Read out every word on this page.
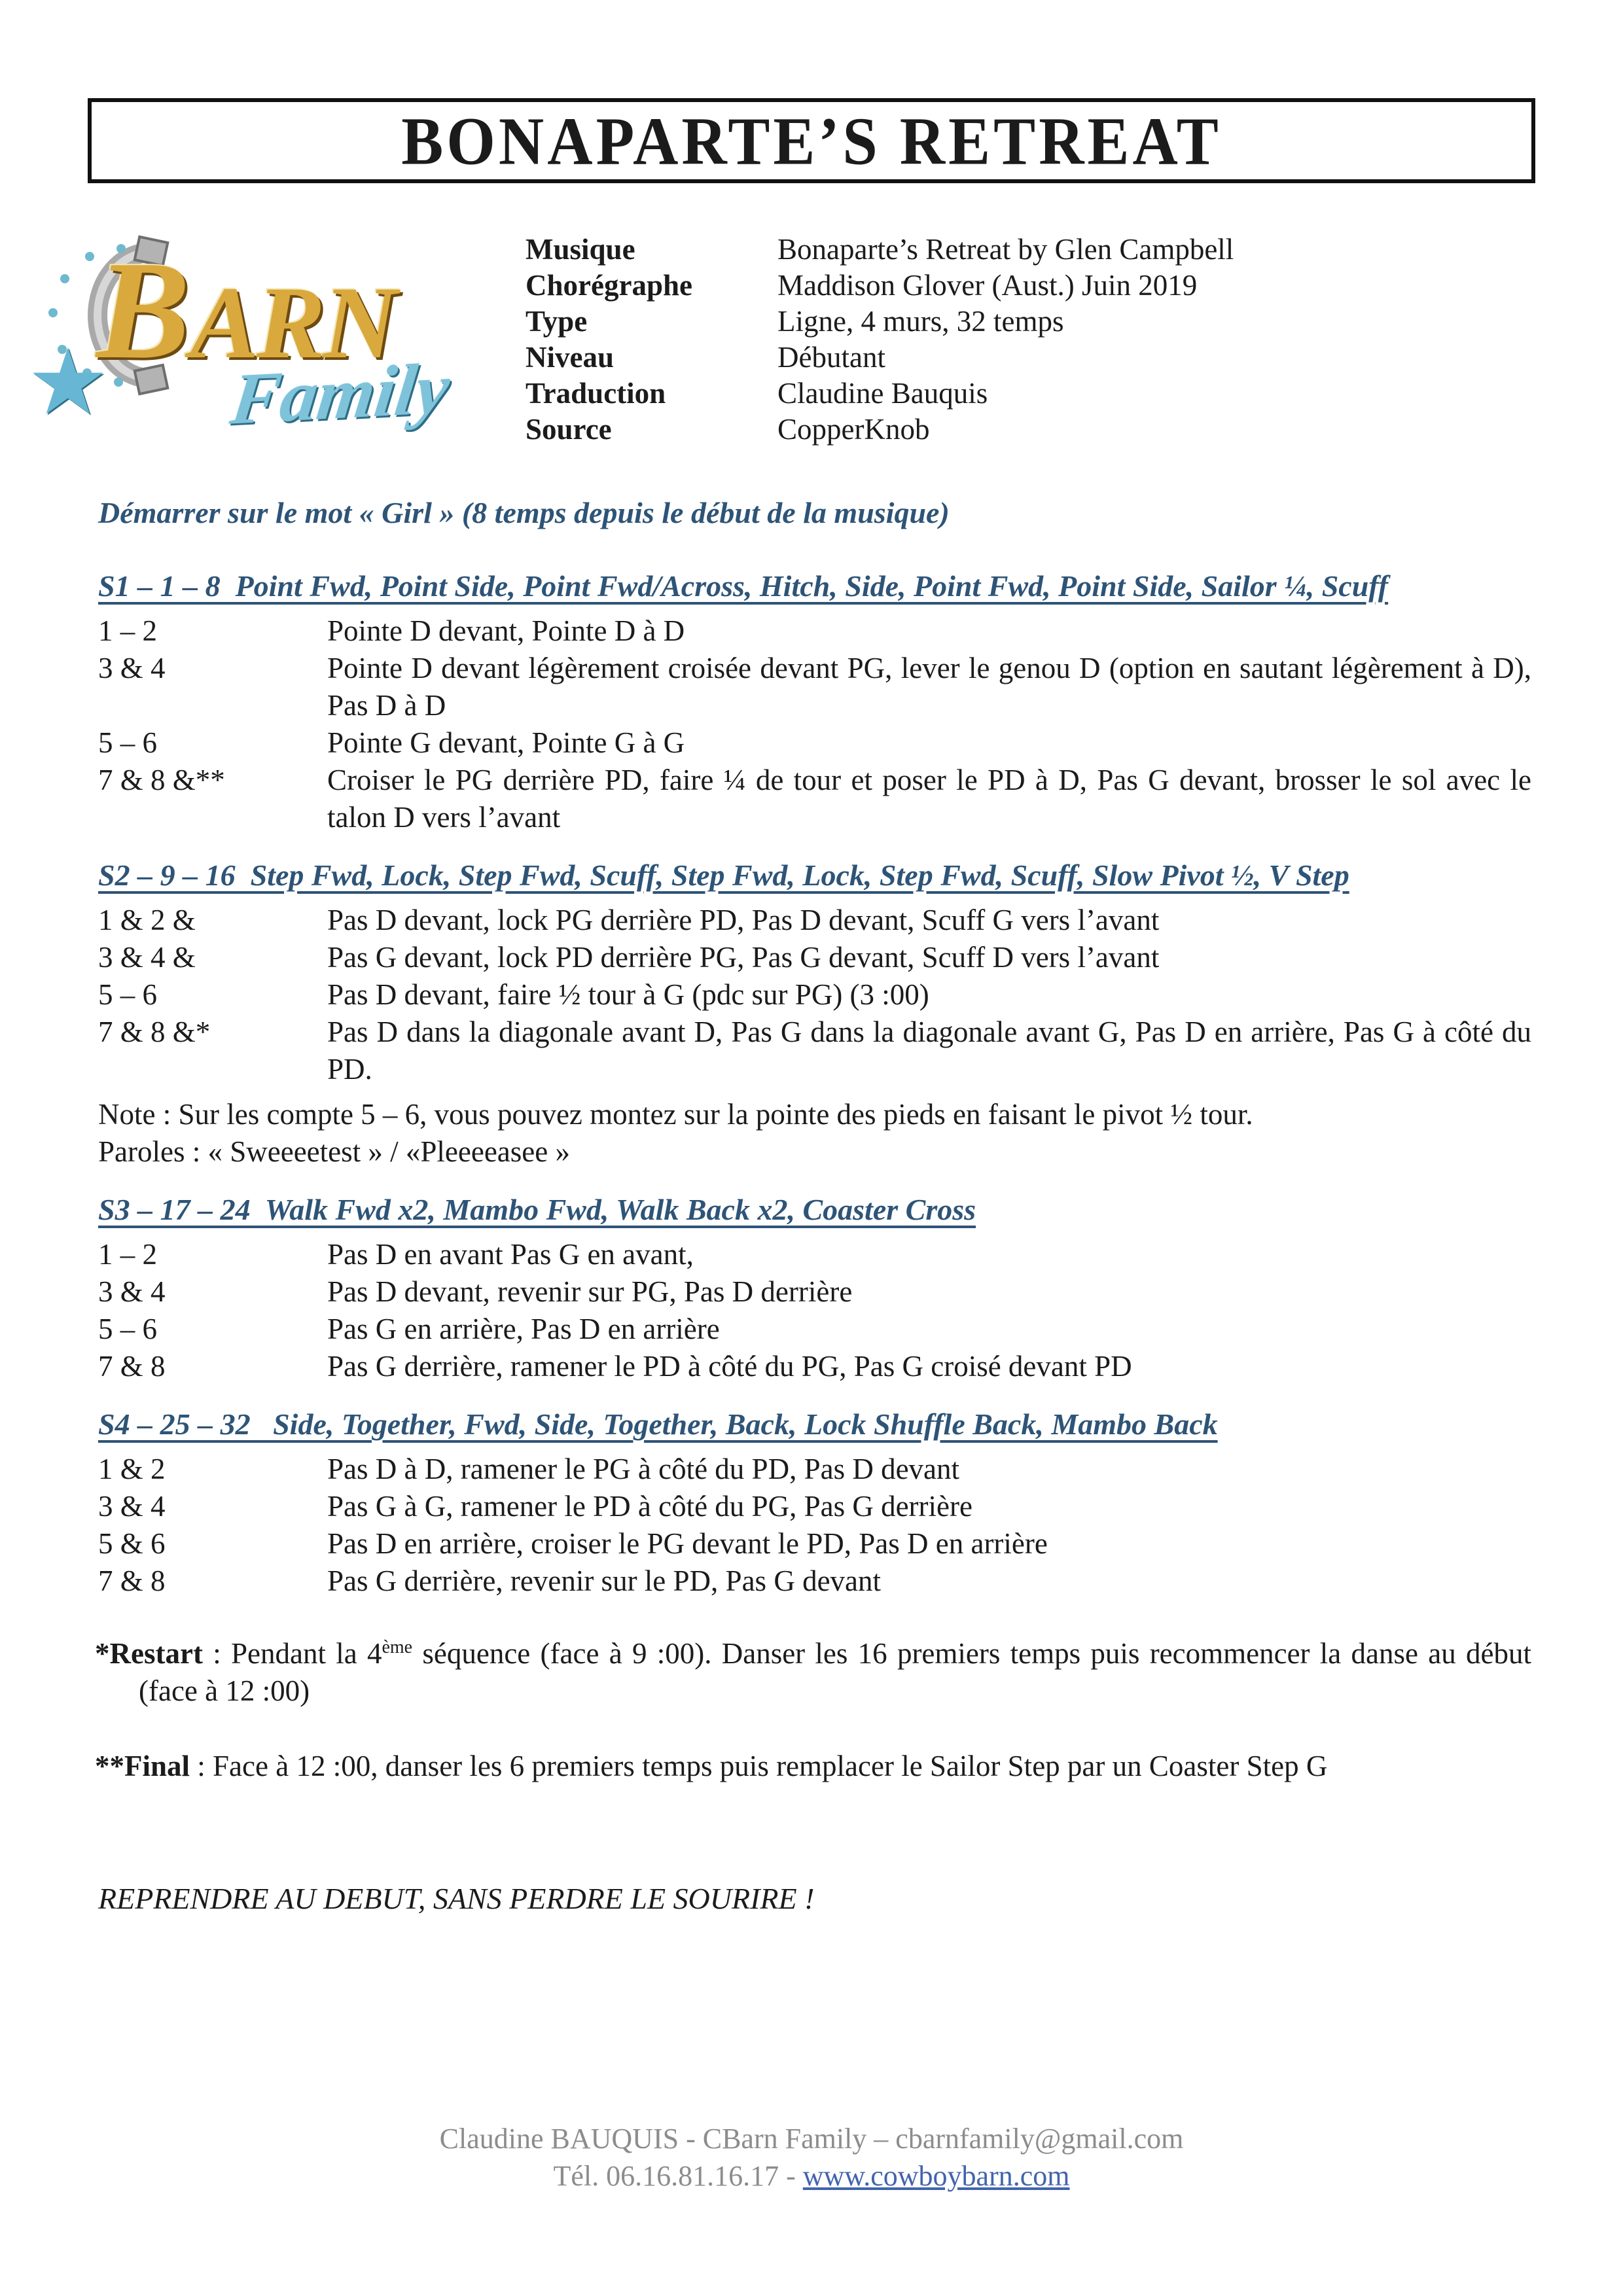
BONAPARTE’S RETREAT
★
BARN
Family
Musique	Bonaparte’s Retreat by Glen Campbell
Chorégraphe	Maddison Glover (Aust.) Juin 2019
Type	Ligne, 4 murs, 32 temps
Niveau	Débutant
Traduction	Claudine Bauquis
Source	CopperKnob

Démarrer sur le mot « Girl » (8 temps depuis le début de la musique)

S1 – 1 – 8  Point Fwd, Point Side, Point Fwd/Across, Hitch, Side, Point Fwd, Point Side, Sailor ¼, Scuff
1 – 2	Pointe D devant, Pointe D à D
3 & 4	Pointe D devant légèrement croisée devant PG, lever le genou D (option en sautant légèrement à D), Pas D à D
5 – 6	Pointe G devant, Pointe G à G
7 & 8 &**	Croiser le PG derrière PD, faire ¼ de tour et poser le PD à D, Pas G devant, brosser le sol avec le talon D vers l’avant
S2 – 9 – 16  Step Fwd, Lock, Step Fwd, Scuff, Step Fwd, Lock, Step Fwd, Scuff, Slow Pivot ½, V Step
1 & 2 &	Pas D devant, lock PG derrière PD, Pas D devant, Scuff G vers l’avant
3 & 4 &	Pas G devant, lock PD derrière PG, Pas G devant, Scuff D vers l’avant
5 – 6	Pas D devant, faire ½ tour à G (pdc sur PG) (3 :00)
7 & 8 &*	Pas D dans la diagonale avant D, Pas G dans la diagonale avant G, Pas D en arrière, Pas G à côté du PD.

Note : Sur les compte 5 – 6, vous pouvez montez sur la pointe des pieds en faisant le pivot ½ tour.

Paroles : « Sweeeetest » / «Pleeeeasee »

S3 – 17 – 24  Walk Fwd x2, Mambo Fwd, Walk Back x2, Coaster Cross
1 – 2	Pas D en avant Pas G en avant,
3 & 4	Pas D devant, revenir sur PG, Pas D derrière
5 – 6	Pas G en arrière, Pas D en arrière
7 & 8	Pas G derrière, ramener le PD à côté du PG, Pas G croisé devant PD
S4 – 25 – 32   Side, Together, Fwd, Side, Together, Back, Lock Shuffle Back, Mambo Back
1 & 2	Pas D à D, ramener le PG à côté du PD, Pas D devant
3 & 4	Pas G à G, ramener le PD à côté du PG, Pas G derrière
5 & 6	Pas D en arrière, croiser le PG devant le PD, Pas D en arrière
7 & 8	Pas G derrière, revenir sur le PD, Pas G devant

*Restart : Pendant la 4ème séquence (face à 9 :00). Danser les 16 premiers temps puis recommencer la danse au début (face à 12 :00)

**Final : Face à 12 :00, danser les 6 premiers temps puis remplacer le Sailor Step par un Coaster Step G

REPRENDRE AU DEBUT, SANS PERDRE LE SOURIRE !

Claudine BAUQUIS - CBarn Family – cbarnfamily@gmail.com

Tél. 06.16.81.16.17 - www.cowboybarn.com
